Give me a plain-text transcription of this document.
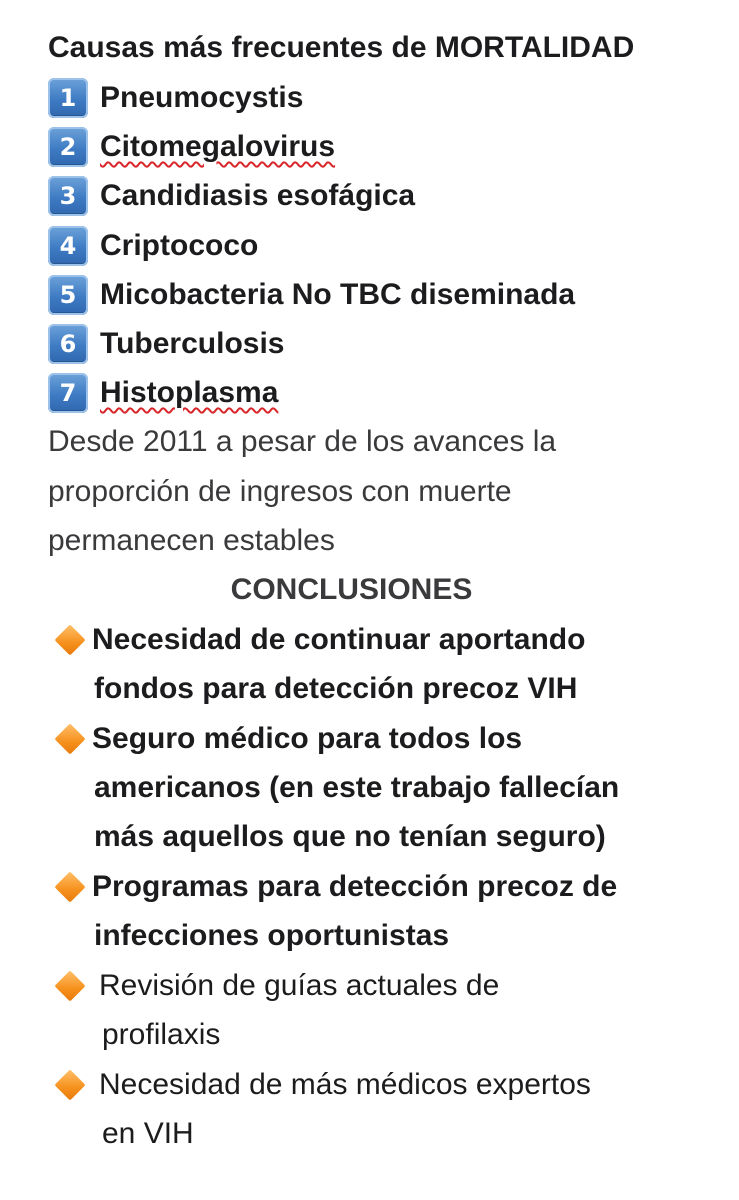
Causas más frecuentes de MORTALIDAD
1 Pneumocystis
2 Citomegalovirus
3 Candidiasis esofágica
4 Criptococo
5 Micobacteria No TBC diseminada
6 Tuberculosis
7 Histoplasma
Desde 2011 a pesar de los avances la
proporción de ingresos con muerte
permanecen estables
CONCLUSIONES
Necesidad de continuar aportando
fondos para detección precoz VIH
Seguro médico para todos los
americanos (en este trabajo fallecían
más aquellos que no tenían seguro)
Programas para detección precoz de
infecciones oportunistas
Revisión de guías actuales de
profilaxis
Necesidad de más médicos expertos
en VIH
